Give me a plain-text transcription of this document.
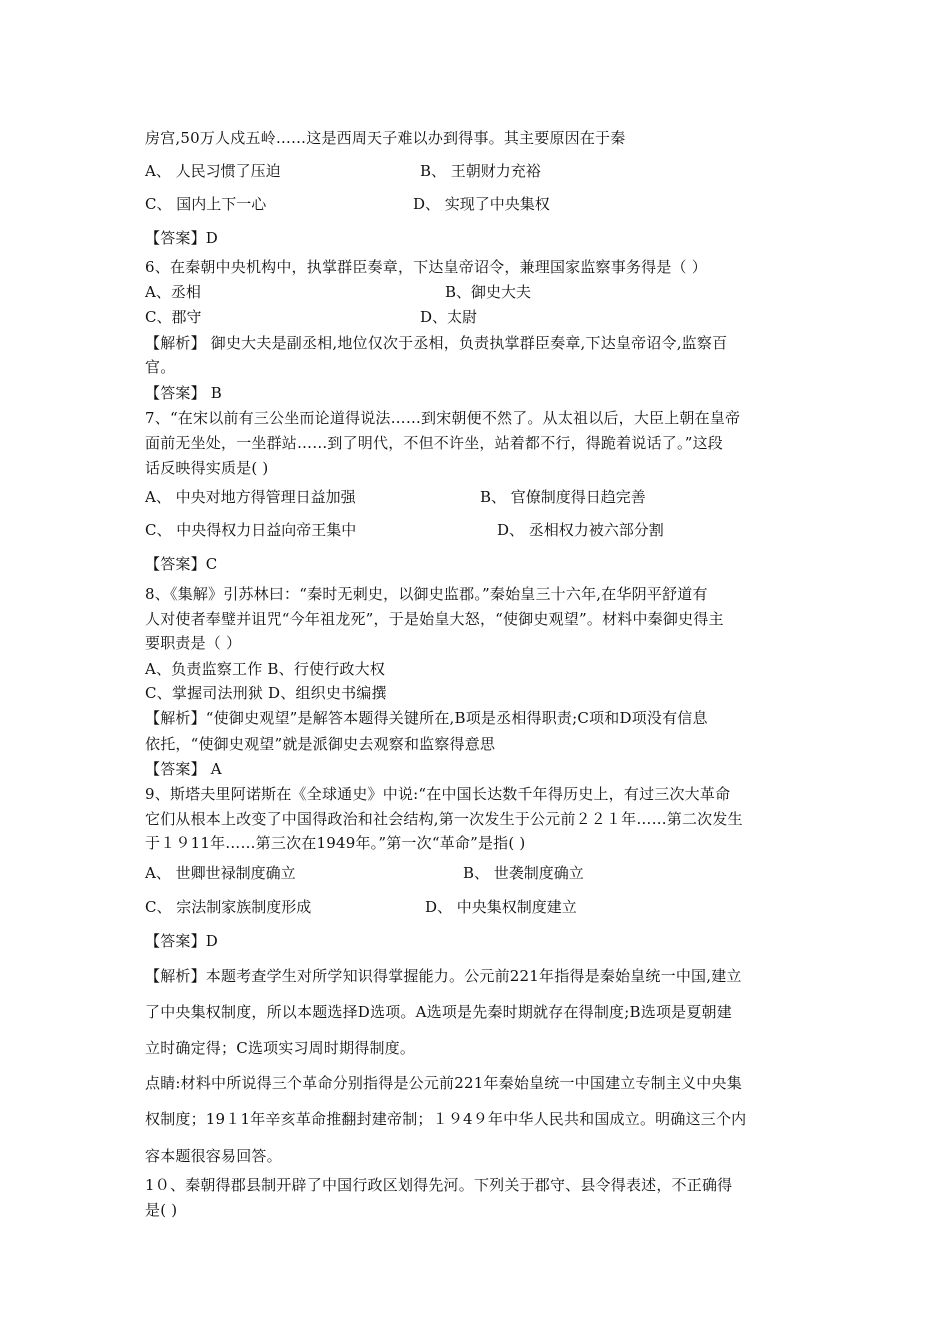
房宫,50万人戍五岭……这是西周天子难以办到得事。其主要原因在于秦
A、 人民习惯了压迫	B、 王朝财力充裕
C、 国内上下一心	D、 实现了中央集权
【答案】D
6、在秦朝中央机构中，执掌群臣奏章，下达皇帝诏令，兼理国家监察事务得是（ ）
A、丞相	B、御史大夫
C、郡守	D、太尉
【解析】 御史大夫是副丞相,地位仅次于丞相，负责执掌群臣奏章,下达皇帝诏令,监察百
官。
【答案】 B
7、“在宋以前有三公坐而论道得说法……到宋朝便不然了。从太祖以后，大臣上朝在皇帝
面前无坐处，一坐群站……到了明代，不但不许坐，站着都不行，得跪着说话了。”这段
话反映得实质是( )
A、 中央对地方得管理日益加强	B、 官僚制度得日趋完善
C、 中央得权力日益向帝王集中	D、 丞相权力被六部分割
【答案】C
8、《集解》引苏林曰：“秦时无刺史，以御史监郡。”秦始皇三十六年,在华阴平舒道有
人对使者奉璧并诅咒“今年祖龙死”，于是始皇大怒，“使御史观望”。材料中秦御史得主
要职责是（ ）
A、负责监察工作 B、行使行政大权
C、掌握司法刑狱 D、组织史书编撰
【解析】“使御史观望”是解答本题得关键所在,B项是丞相得职责;C项和D项没有信息
依托，“使御史观望”就是派御史去观察和监察得意思
【答案】 A
9、斯塔夫里阿诺斯在《全球通史》中说:“在中国长达数千年得历史上，有过三次大革命
它们从根本上改变了中国得政治和社会结构,第一次发生于公元前２２１年……第二次发生
于１９11年……第三次在1949年。”第一次“革命”是指( )
A、 世卿世禄制度确立	B、 世袭制度确立
C、 宗法制家族制度形成	D、 中央集权制度建立
【答案】D
【解析】本题考查学生对所学知识得掌握能力。公元前221年指得是秦始皇统一中国,建立
了中央集权制度，所以本题选择D选项。A选项是先秦时期就存在得制度;B选项是夏朝建
立时确定得；C选项实习周时期得制度。
点睛:材料中所说得三个革命分别指得是公元前221年秦始皇统一中国建立专制主义中央集
权制度；19１1年辛亥革命推翻封建帝制；１９4９年中华人民共和国成立。明确这三个内
容本题很容易回答。
1０、秦朝得郡县制开辟了中国行政区划得先河。下列关于郡守、县令得表述，不正确得
是( )
